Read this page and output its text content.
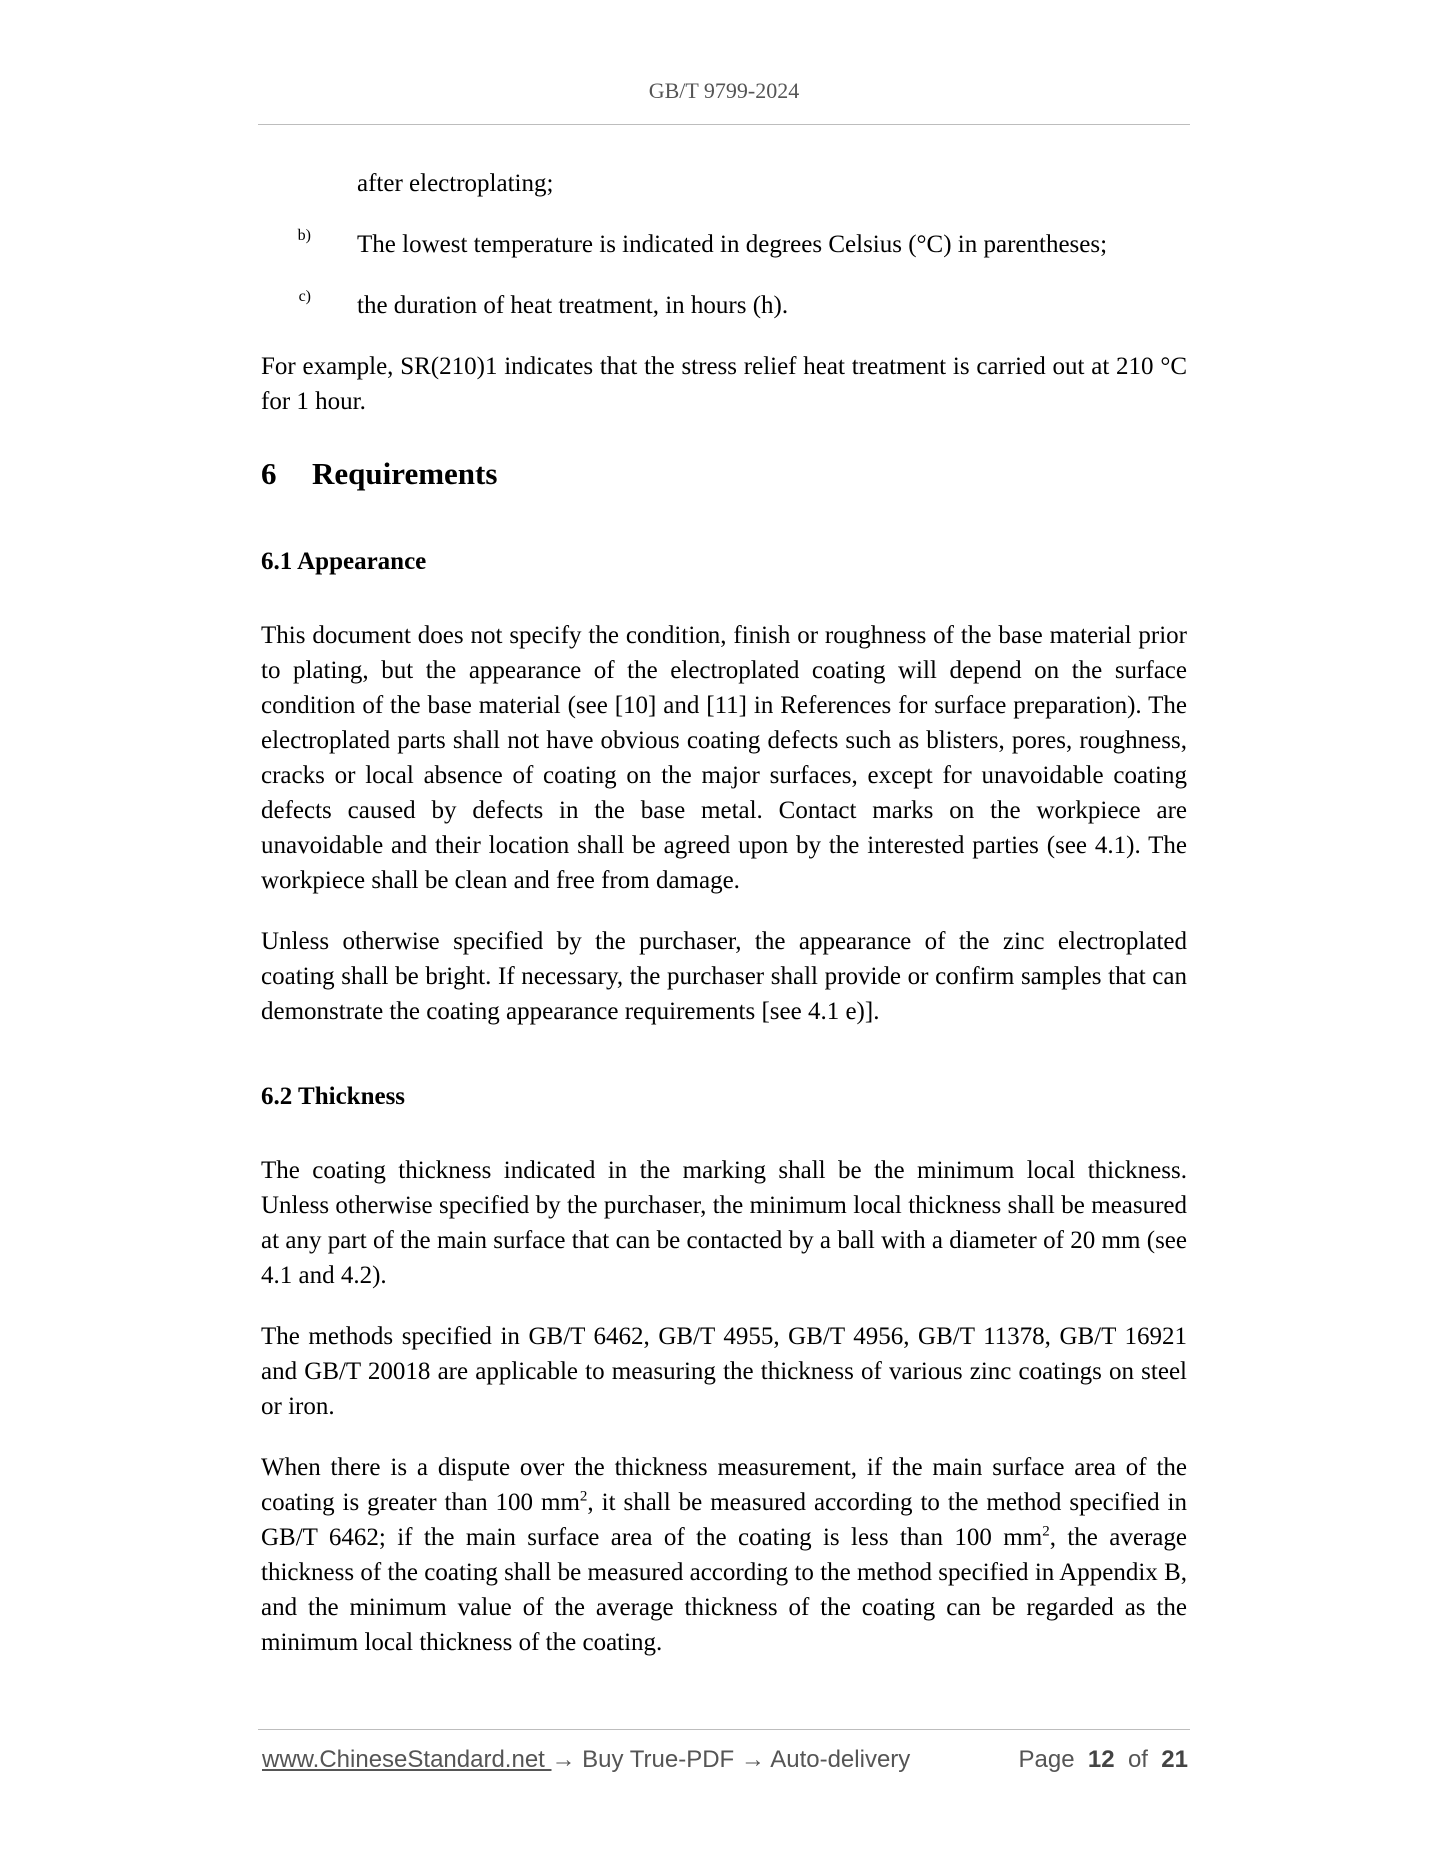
GB/T 9799-2024

after electroplating;

b)	The lowest temperature is indicated in degrees Celsius (°C) in parentheses;

c)	the duration of heat treatment, in hours (h).

For example, SR(210)1 indicates that the stress relief heat treatment is carried out at 210 °C for 1 hour.

6	Requirements
6.1 Appearance

This document does not specify the condition, finish or roughness of the base material prior to plating, but the appearance of the electroplated coating will depend on the surface condition of the base material (see [10] and [11] in References for surface preparation). The electroplated parts shall not have obvious coating defects such as blisters, pores, roughness, cracks or local absence of coating on the major surfaces, except for unavoidable coating defects caused by defects in the base metal. Contact marks on the workpiece are unavoidable and their location shall be agreed upon by the interested parties (see 4.1). The workpiece shall be clean and free from damage.

Unless otherwise specified by the purchaser, the appearance of the zinc electroplated coating shall be bright. If necessary, the purchaser shall provide or confirm samples that can demonstrate the coating appearance requirements [see 4.1 e)].

6.2 Thickness

The coating thickness indicated in the marking shall be the minimum local thickness. Unless otherwise specified by the purchaser, the minimum local thickness shall be measured at any part of the main surface that can be contacted by a ball with a diameter of 20 mm (see 4.1 and 4.2).

The methods specified in GB/T 6462, GB/T 4955, GB/T 4956, GB/T 11378, GB/T 16921 and GB/T 20018 are applicable to measuring the thickness of various zinc coatings on steel or iron.

When there is a dispute over the thickness measurement, if the main surface area of the coating is greater than 100 $mm^2$, it shall be measured according to the method specified in GB/T 6462; if the main surface area of the coating is less than 100 $mm^2$, the average thickness of the coating shall be measured according to the method specified in Appendix B, and the minimum value of the average thickness of the coating can be regarded as the minimum local thickness of the coating.

www.ChineseStandard.net → Buy True-PDF → Auto-delivery	Page 12 of 21
